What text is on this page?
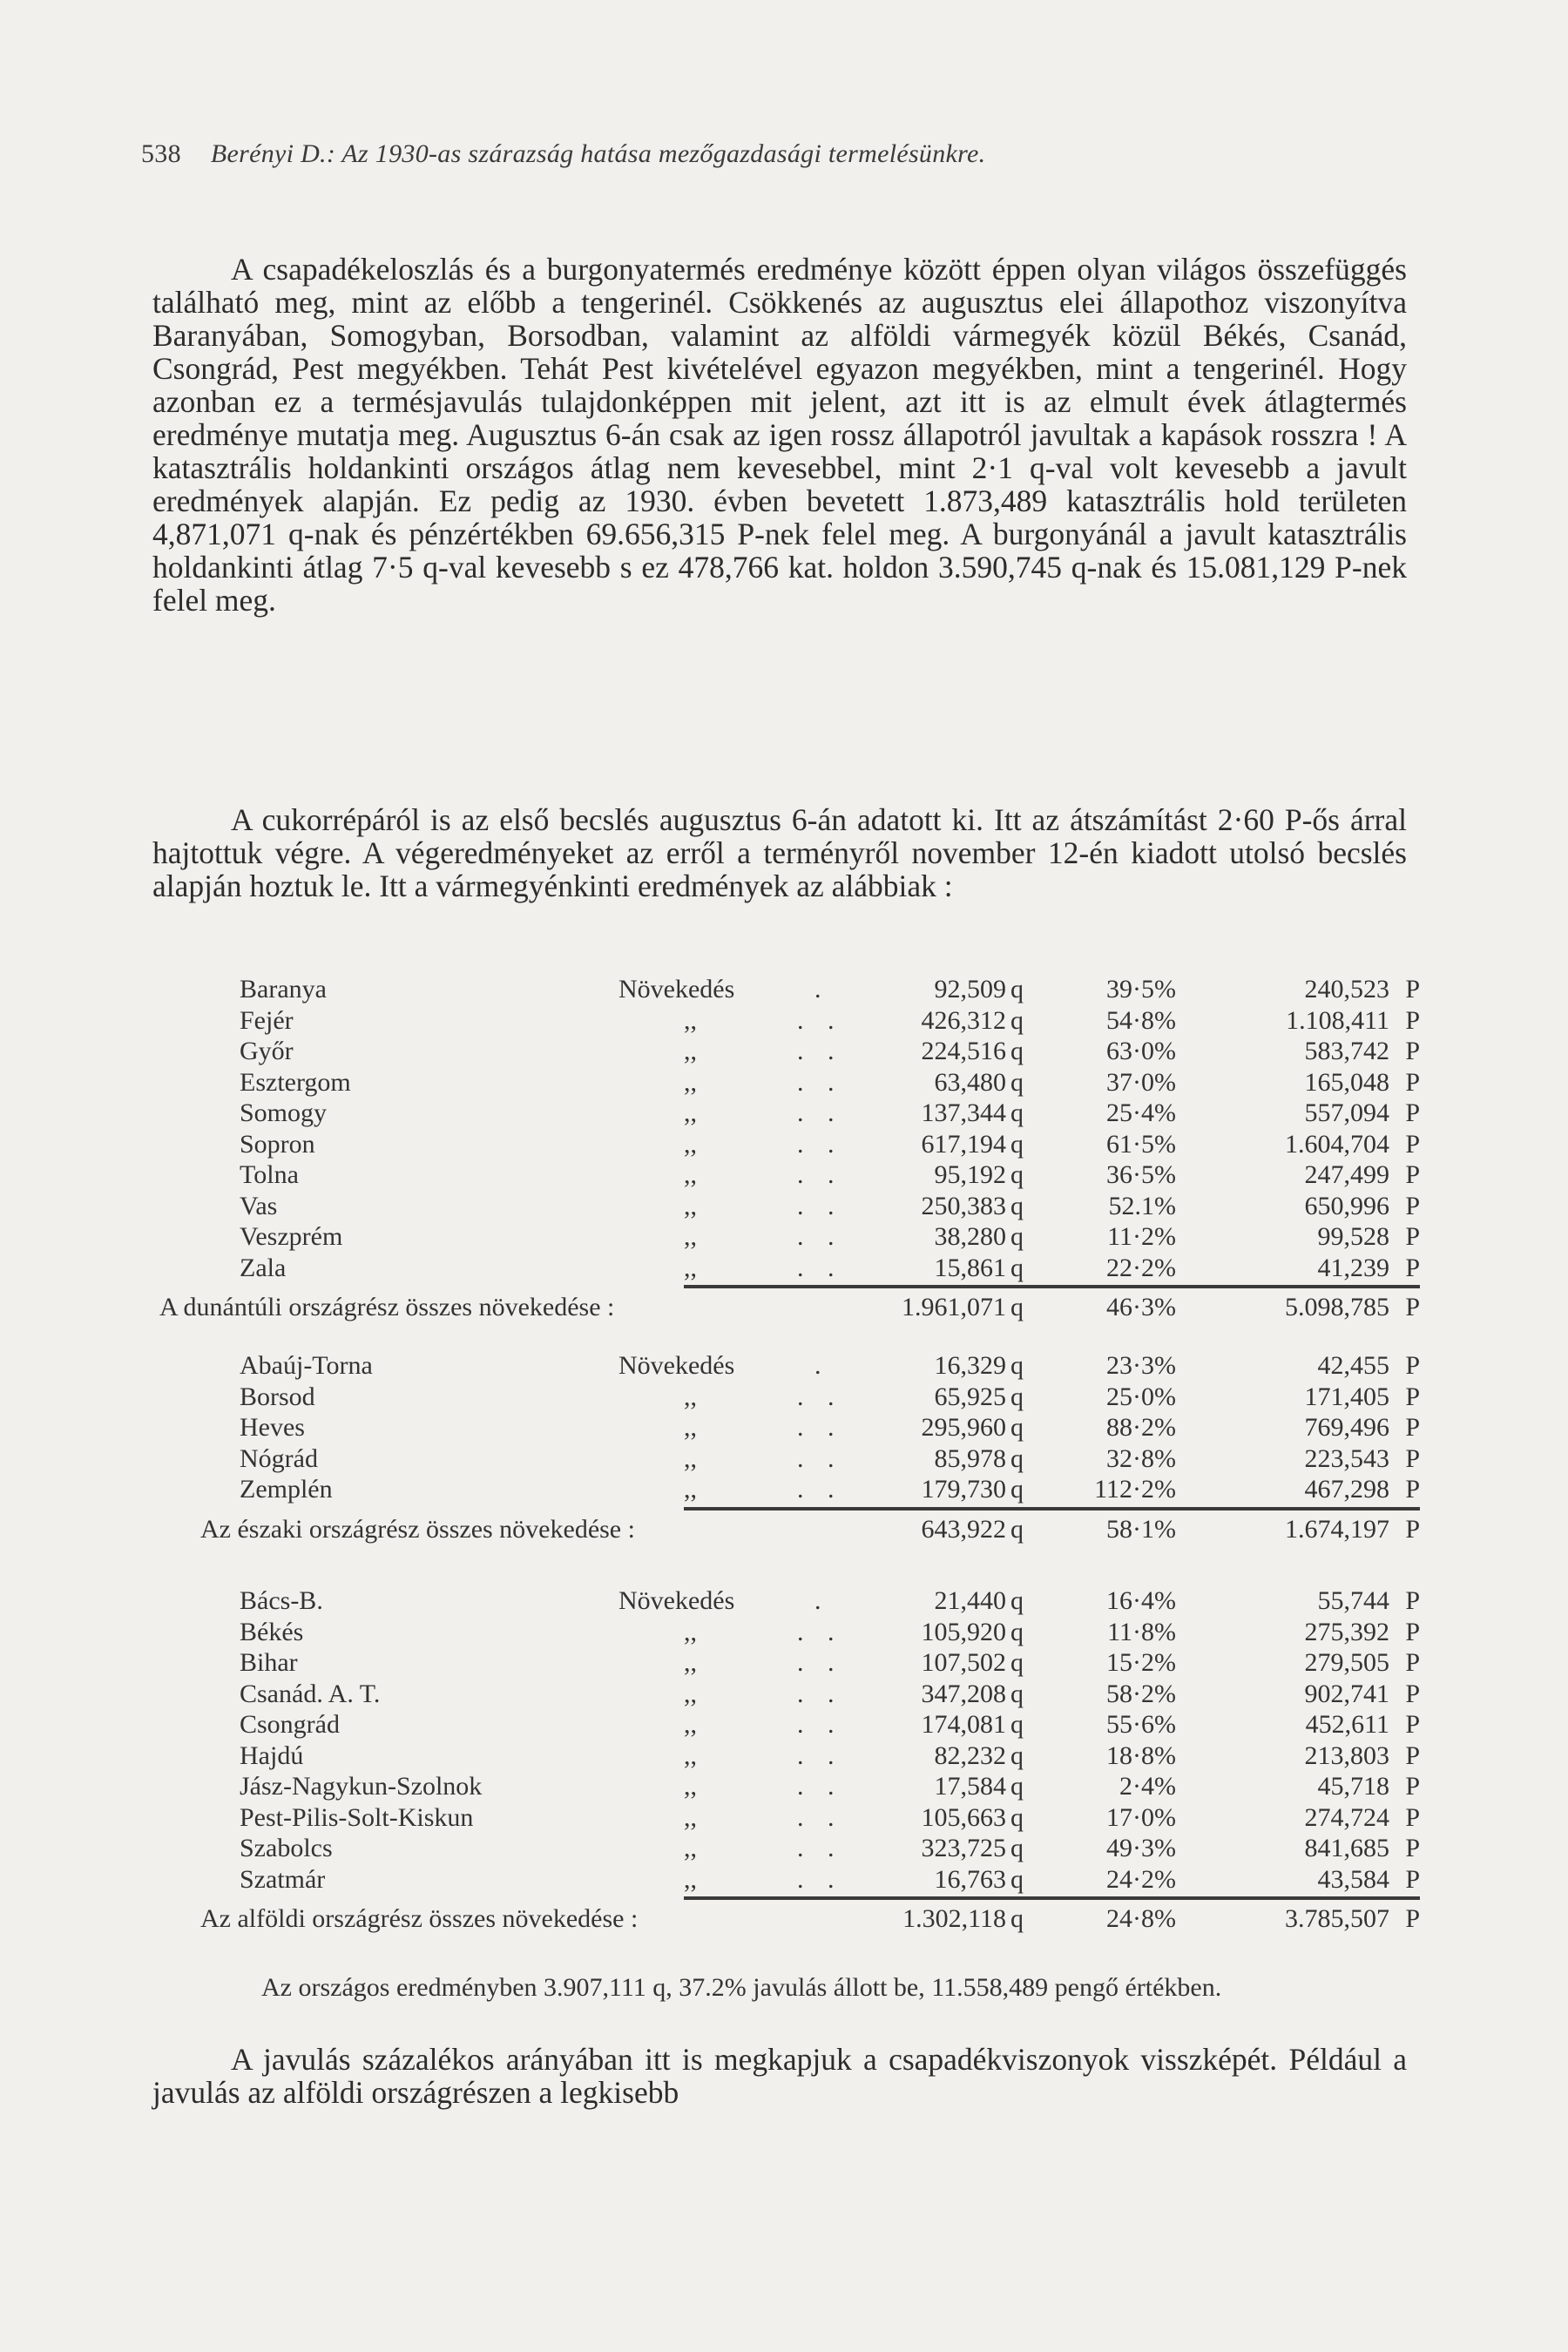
538 Berényi D.: Az 1930-as szárazság hatása mezőgazdasági termelésünkre.

A csapadékeloszlás és a burgonyatermés eredménye között éppen olyan világos összefüggés található meg, mint az előbb a tengerinél. Csökkenés az augusztus elei állapothoz viszonyítva Baranyában, Somogyban, Borsodban, valamint az alföldi vármegyék közül Békés, Csanád, Csongrád, Pest megyékben. Tehát Pest kivételével egyazon megyékben, mint a tengerinél. Hogy azonban ez a termésjavulás tulajdonképpen mit jelent, azt itt is az elmult évek átlagtermés eredménye mutatja meg. Augusztus 6-án csak az igen rossz állapotról javultak a kapások rosszra ! A katasztrális holdankinti országos átlag nem kevesebbel, mint 2·1 q-val volt kevesebb a javult eredmények alapján. Ez pedig az 1930. évben bevetett 1.873,489 katasztrális hold területen 4,871,071 q-nak és pénzértékben 69.656,315 P-nek felel meg. A burgonyánál a javult katasztrális holdankinti átlag 7·5 q-val kevesebb s ez 478,766 kat. holdon 3.590,745 q-nak és 15.081,129 P-nek felel meg.

A cukorrépáról is az első becslés augusztus 6-án adatott ki. Itt az átszámítást 2·60 P-ős árral hajtottuk végre. A végeredményeket az erről a terményről november 12-én kiadott utolsó becslés alapján hoztuk le. Itt a vármegyénkinti eredmények az alábbiak :

Baranya	Növekedés	92,509 q	39·5%	240,523 P
.
Fejér	,,	426,312 q	54·8%	1.108,411 P
. .
Győr	,,	224,516 q	63·0%	583,742 P
. .
Esztergom	,,	63,480 q	37·0%	165,048 P
. .
Somogy	,,	137,344 q	25·4%	557,094 P
. .
Sopron	,,	617,194 q	61·5%	1.604,704 P
. .
Tolna	,,	95,192 q	36·5%	247,499 P
. .
Vas	,,	250,383 q	52.1%	650,996 P
. .
Veszprém	,,	38,280 q	11·2%	99,528 P
. .
Zala	,,	15,861 q	22·2%	41,239 P
. .
A dunántúli országrész összes növekedése :	1.961,071 q	46·3%	5.098,785 P
Abaúj-Torna	Növekedés	16,329 q	23·3%	42,455 P
.
Borsod	,,	65,925 q	25·0%	171,405 P
. .
Heves	,,	295,960 q	88·2%	769,496 P
. .
Nógrád	,,	85,978 q	32·8%	223,543 P
. .
Zemplén	,,	179,730 q	112·2%	467,298 P
. .
Az északi országrész összes növekedése :	643,922 q	58·1%	1.674,197 P
Bács-B.	Növekedés	21,440 q	16·4%	55,744 P
.
Békés	,,	105,920 q	11·8%	275,392 P
. .
Bihar	,,	107,502 q	15·2%	279,505 P
. .
Csanád. A. T.	,,	347,208 q	58·2%	902,741 P
. .
Csongrád	,,	174,081 q	55·6%	452,611 P
. .
Hajdú	,,	82,232 q	18·8%	213,803 P
. .
Jász-Nagykun-Szolnok	,,	17,584 q	2·4%	45,718 P
. .
Pest-Pilis-Solt-Kiskun	,,	105,663 q	17·0%	274,724 P
. .
Szabolcs	,,	323,725 q	49·3%	841,685 P
. .
Szatmár	,,	16,763 q	24·2%	43,584 P
. .
Az alföldi országrész összes növekedése :	1.302,118 q	24·8%	3.785,507 P

Az országos eredményben 3.907,111 q, 37.2% javulás állott be, 11.558,489 pengő értékben.

A javulás százalékos arányában itt is megkapjuk a csapadékviszonyok visszképét. Például a javulás az alföldi országrészen a legkisebb
